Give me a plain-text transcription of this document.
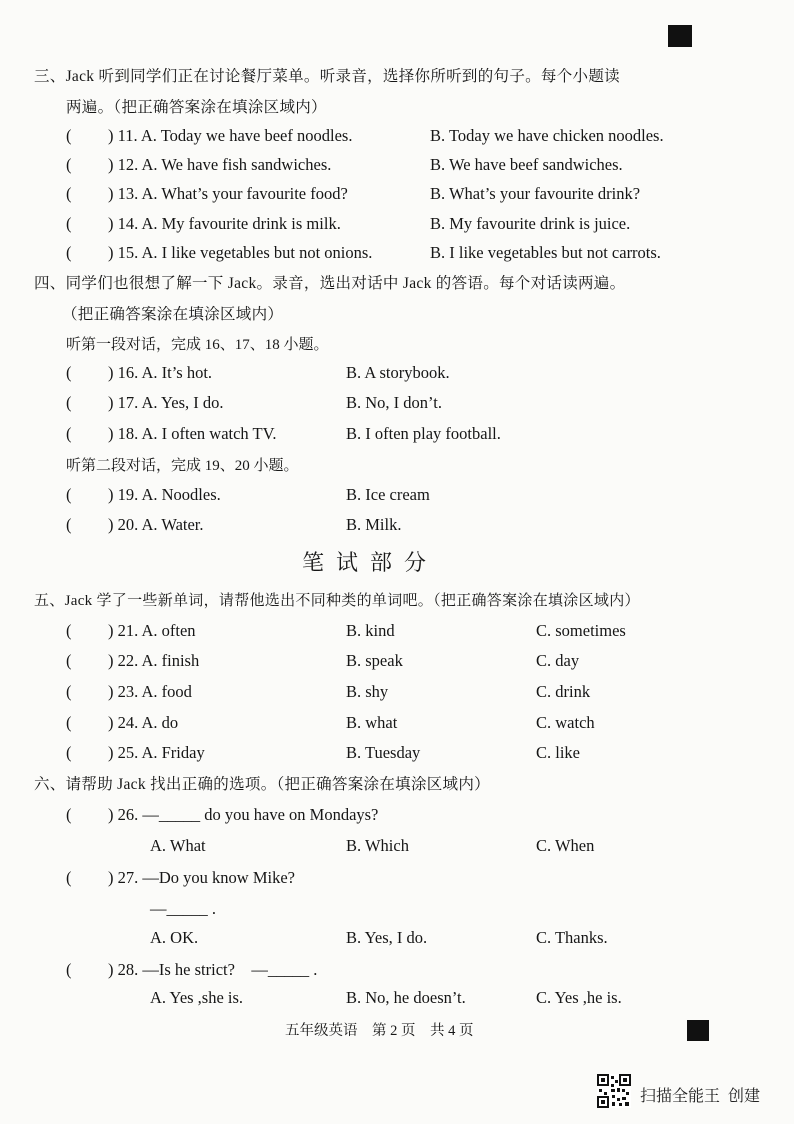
三、Jack 听到同学们正在讨论餐厅菜单。听录音，选择你所听到的句子。每个小题读
两遍。（把正确答案涂在填涂区域内）
( ) 11. A. Today we have beef noodles.	B. Today we have chicken noodles.
( ) 12. A. We have fish sandwiches.	B. We have beef sandwiches.
( ) 13. A. What’s your favourite food?	B. What’s your favourite drink?
( ) 14. A. My favourite drink is milk.	B. My favourite drink is juice.
( ) 15. A. I like vegetables but not onions.	B. I like vegetables but not carrots.
四、同学们也很想了解一下 Jack。录音，选出对话中 Jack 的答语。每个对话读两遍。
（把正确答案涂在填涂区域内）
听第一段对话，完成 16、17、18 小题。
( ) 16. A. It’s hot.	B. A storybook.
( ) 17. A. Yes, I do.	B. No, I don’t.
( ) 18. A. I often watch TV.	B. I often play football.
听第二段对话，完成 19、20 小题。
( ) 19. A. Noodles.	B. Ice cream
( ) 20. A. Water.	B. Milk.
笔试部分
五、Jack 学了一些新单词，请帮他选出不同种类的单词吧。（把正确答案涂在填涂区域内）
( ) 21. A. often	B. kind	C. sometimes
( ) 22. A. finish	B. speak	C. day
( ) 23. A. food	B. shy	C. drink
( ) 24. A. do	B. what	C. watch
( ) 25. A. Friday	B. Tuesday	C. like
六、请帮助 Jack 找出正确的选项。（把正确答案涂在填涂区域内）
( ) 26. —_____ do you have on Mondays?
A. What	B. Which	C. When
( ) 27. —Do you know Mike?
—_____ .
A. OK.	B. Yes, I do.	C. Thanks.
( ) 28. —Is he strict?    —_____ .
A. Yes ,she is.	B. No, he doesn’t.	C. Yes ,he is.
五年级英语    第 2 页    共 4 页
扫描全能王  创建
